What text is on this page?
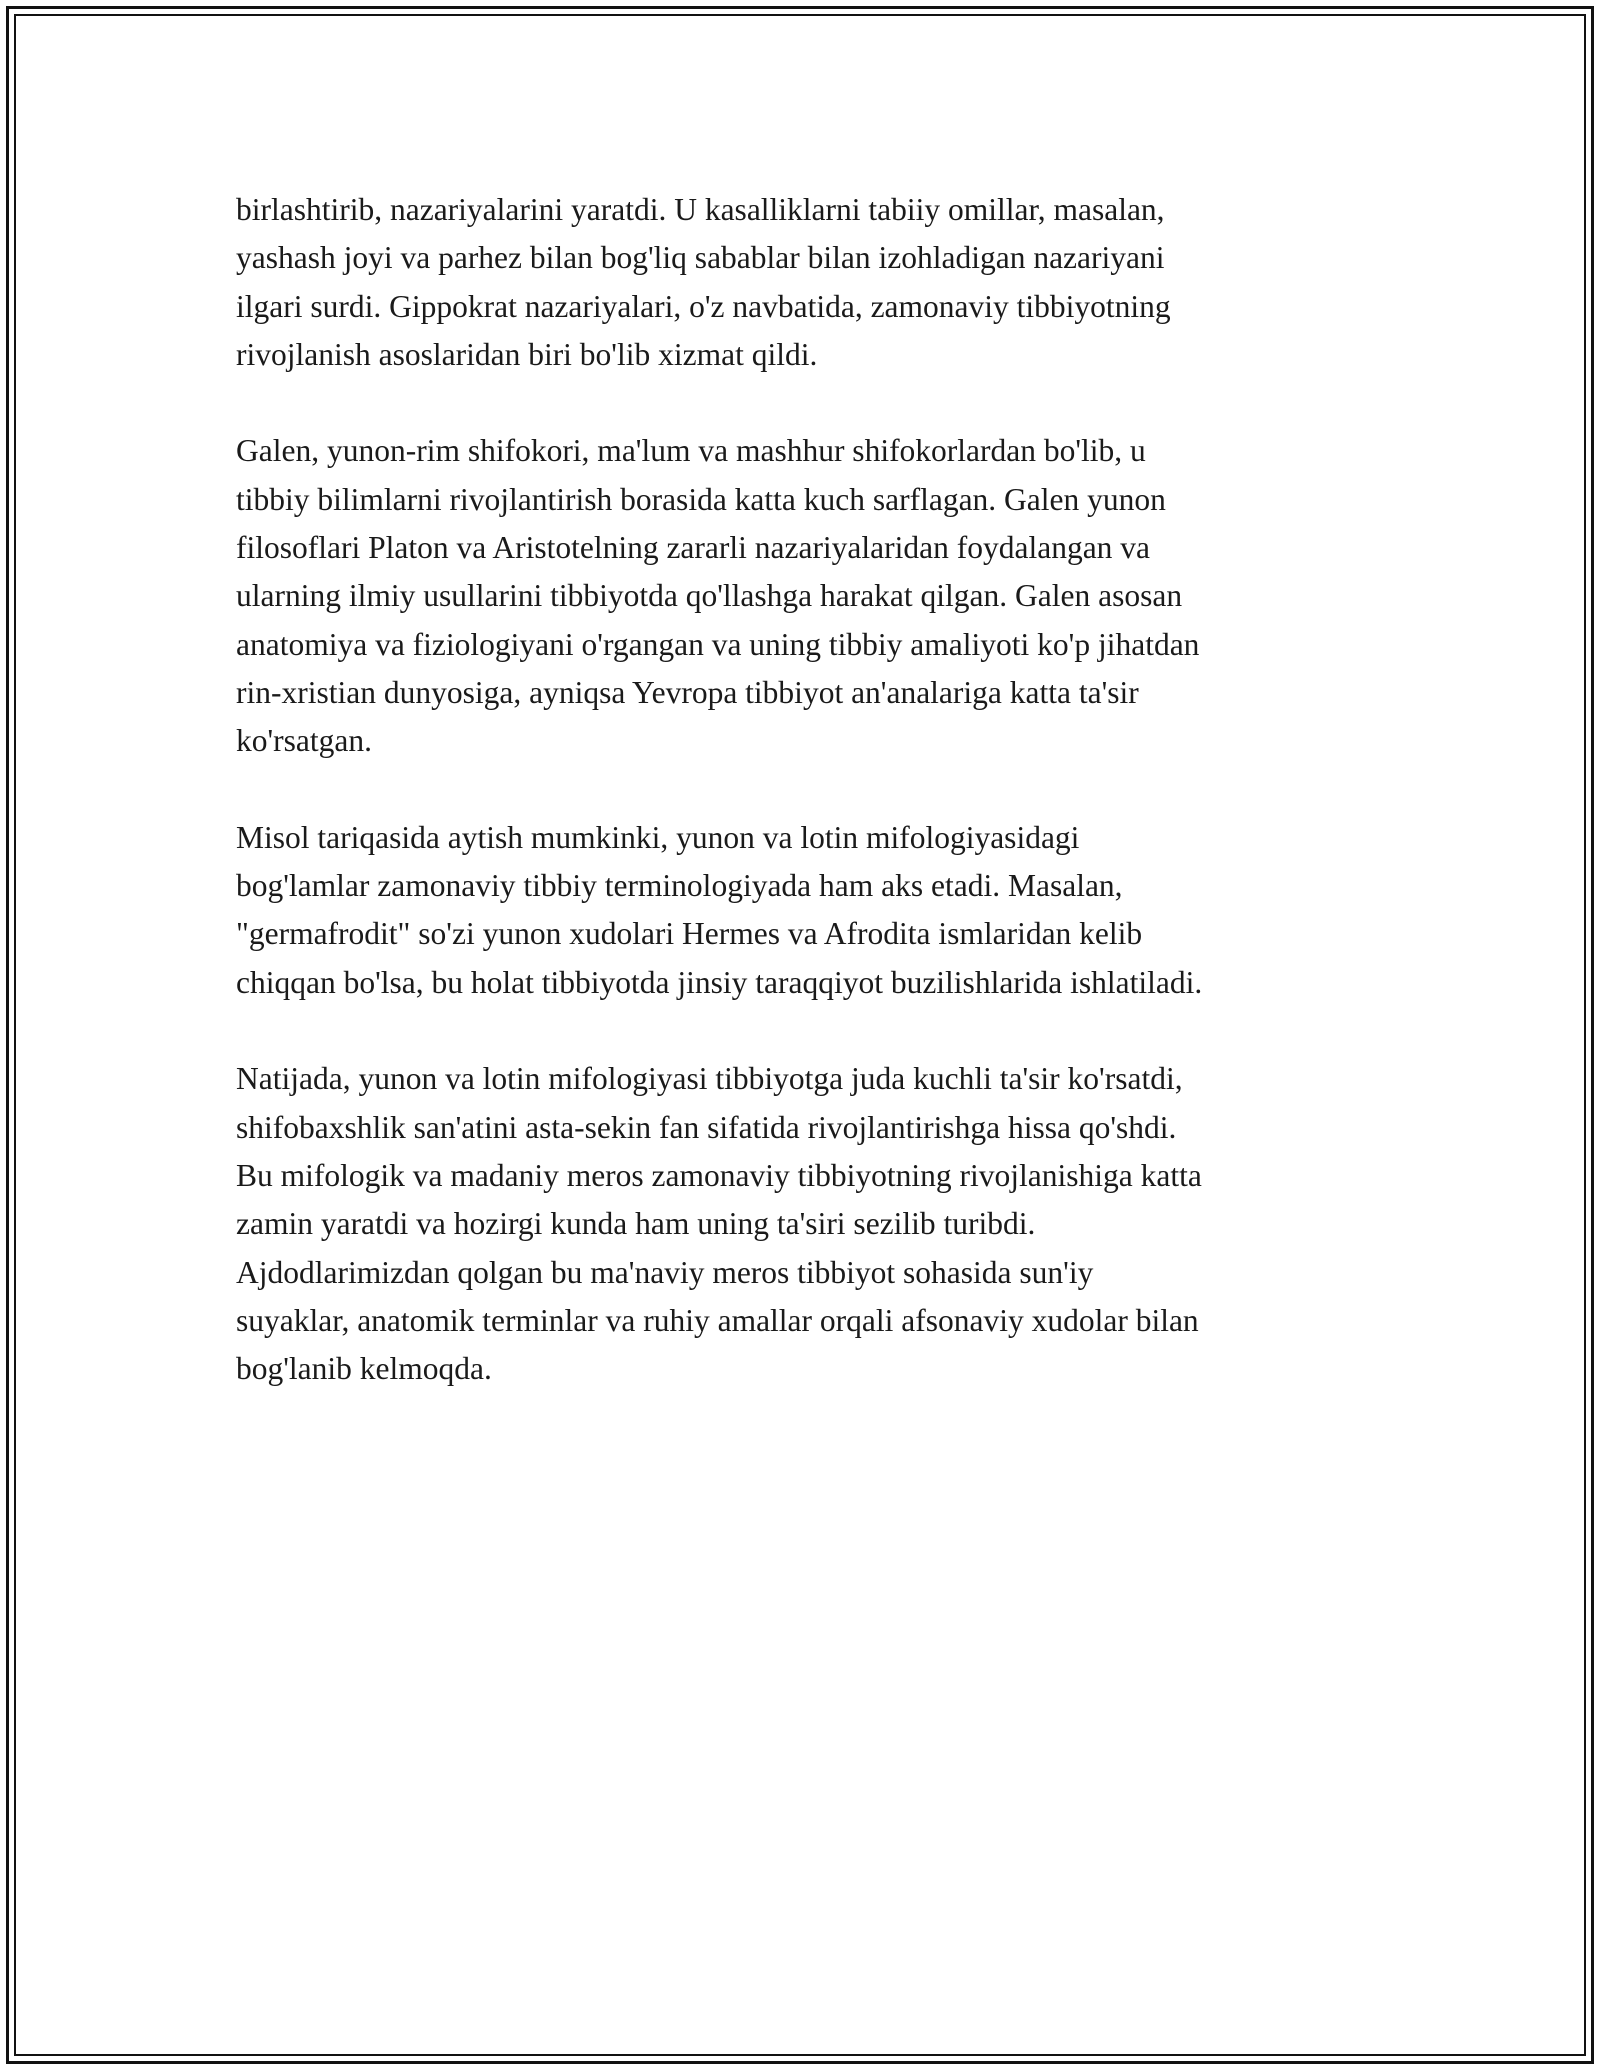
birlashtirib, nazariyalarini yaratdi. U kasalliklarni tabiiy omillar, masalan,
yashash joyi va parhez bilan bog'liq sabablar bilan izohladigan nazariyani
ilgari surdi. Gippokrat nazariyalari, o'z navbatida, zamonaviy tibbiyotning
rivojlanish asoslaridan biri bo'lib xizmat qildi.

Galen, yunon-rim shifokori, ma'lum va mashhur shifokorlardan bo'lib, u
tibbiy bilimlarni rivojlantirish borasida katta kuch sarflagan. Galen yunon
filosoflari Platon va Aristotelning zararli nazariyalaridan foydalangan va
ularning ilmiy usullarini tibbiyotda qo'llashga harakat qilgan. Galen asosan
anatomiya va fiziologiyani o'rgangan va uning tibbiy amaliyoti ko'p jihatdan
rin-xristian dunyosiga, ayniqsa Yevropa tibbiyot an'analariga katta ta'sir
ko'rsatgan.

Misol tariqasida aytish mumkinki, yunon va lotin mifologiyasidagi
bog'lamlar zamonaviy tibbiy terminologiyada ham aks etadi. Masalan,
"germafrodit" so'zi yunon xudolari Hermes va Afrodita ismlaridan kelib
chiqqan bo'lsa, bu holat tibbiyotda jinsiy taraqqiyot buzilishlarida ishlatiladi.

Natijada, yunon va lotin mifologiyasi tibbiyotga juda kuchli ta'sir ko'rsatdi,
shifobaxshlik san'atini asta-sekin fan sifatida rivojlantirishga hissa qo'shdi.
Bu mifologik va madaniy meros zamonaviy tibbiyotning rivojlanishiga katta
zamin yaratdi va hozirgi kunda ham uning ta'siri sezilib turibdi.
Ajdodlarimizdan qolgan bu ma'naviy meros tibbiyot sohasida sun'iy
suyaklar, anatomik terminlar va ruhiy amallar orqali afsonaviy xudolar bilan
bog'lanib kelmoqda.
